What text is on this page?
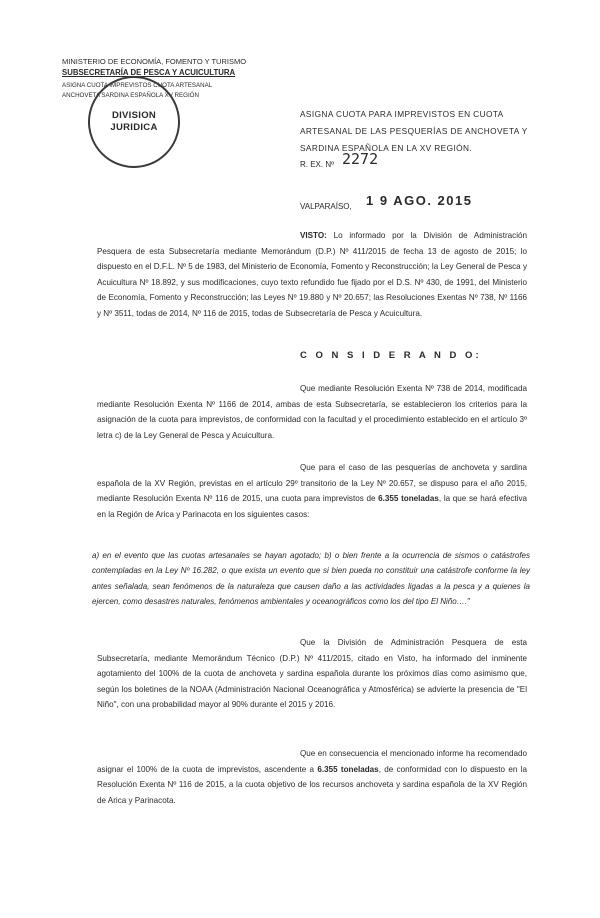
MINISTERIO DE ECONOMÍA, FOMENTO Y TURISMO
SUBSECRETARÍA DE PESCA Y ACUICULTURA
ASIGNA CUOTA IMPREVISTOS CUOTA ARTESANAL
ANCHOVETA SARDINA ESPAÑOLA XV REGIÓN
DIVISION
JURIDICA
ASIGNA CUOTA PARA IMPREVISTOS EN CUOTA ARTESANAL DE LAS PESQUERÍAS DE ANCHOVETA Y SARDINA ESPAÑOLA EN LA XV REGIÓN.
R. EX. Nº 2272
VALPARAÍSO, 1 9 AGO. 2015
VISTO: Lo informado por la División de Administración Pesquera de esta Subsecretaría mediante Memorándum (D.P.) Nº 411/2015 de fecha 13 de agosto de 2015; lo dispuesto en el D.F.L. Nº 5 de 1983, del Ministerio de Economía, Fomento y Reconstrucción; la Ley General de Pesca y Acuicultura Nº 18.892, y sus modificaciones, cuyo texto refundido fue fijado por el D.S. Nº 430, de 1991, del Ministerio de Economía, Fomento y Reconstrucción; las Leyes Nº 19.880 y Nº 20.657; las Resoluciones Exentas Nº 738, Nº 1166 y Nº 3511, todas de 2014, Nº 116 de 2015, todas de Subsecretaría de Pesca y Acuicultura.
C O N S I D E R A N D O:
Que mediante Resolución Exenta Nº 738 de 2014, modificada mediante Resolución Exenta Nº 1166 de 2014, ambas de esta Subsecretaría, se establecieron los criterios para la asignación de la cuota para imprevistos, de conformidad con la facultad y el procedimiento establecido en el artículo 3º letra c) de la Ley General de Pesca y Acuicultura.
Que para el caso de las pesquerías de anchoveta y sardina española de la XV Región, previstas en el artículo 29º transitorio de la Ley Nº 20.657, se dispuso para el año 2015, mediante Resolución Exenta Nº 116 de 2015, una cuota para imprevistos de 6.355 toneladas, la que se hará efectiva en la Región de Arica y Parinacota en los siguientes casos:
a) en el evento que las cuotas artesanales se hayan agotado; b) o bien frente a la ocurrencia de sismos o catástrofes contempladas en la Ley Nº 16.282, o que exista un evento que si bien pueda no constituir una catástrofe conforme la ley antes señalada, sean fenómenos de la naturaleza que causen daño a las actividades ligadas a la pesca y a quienes la ejercen, como desastres naturales, fenómenos ambientales y oceanográficos como los del tipo El Niño…."
Que la División de Administración Pesquera de esta Subsecretaría, mediante Memorándum Técnico (D.P.) Nº 411/2015, citado en Visto, ha informado del inminente agotamiento del 100% de la cuota de anchoveta y sardina española durante los próximos días como asimismo que, según los boletines de la NOAA (Administración Nacional Oceanográfica y Atmosférica) se advierte la presencia de "El Niño", con una probabilidad mayor al 90% durante el 2015 y 2016.
Que en consecuencia el mencionado informe ha recomendado asignar el 100% de la cuota de imprevistos, ascendente a 6.355 toneladas, de conformidad con lo dispuesto en la Resolución Exenta Nº 116 de 2015, a la cuota objetivo de los recursos anchoveta y sardina española de la XV Región de Arica y Parinacota.
